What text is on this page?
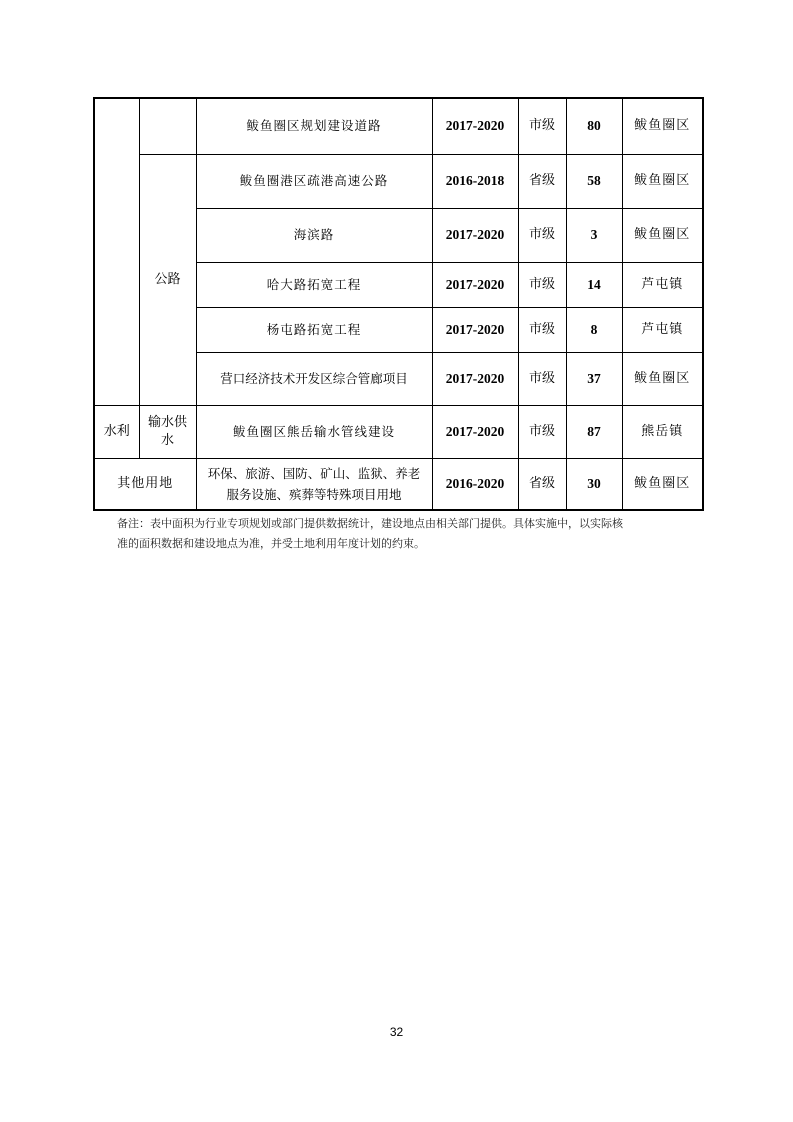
		鲅鱼圈区规划建设道路	2017-2020	市级	80	鲅鱼圈区
	公路	鲅鱼圈港区疏港高速公路	2016-2018	省级	58	鲅鱼圈区
		海滨路	2017-2020	市级	3	鲅鱼圈区
		哈大路拓宽工程	2017-2020	市级	14	芦屯镇
		杨屯路拓宽工程	2017-2020	市级	8	芦屯镇
		营口经济技术开发区综合管廊项目	2017-2020	市级	37	鲅鱼圈区
水利	输水供水	鲅鱼圈区熊岳输水管线建设	2017-2020	市级	87	熊岳镇
其他用地		环保、旅游、国防、矿山、监狱、养老服务设施、殡葬等特殊项目用地	2016-2020	省级	30	鲅鱼圈区
备注：表中面积为行业专项规划或部门提供数据统计，建设地点由相关部门提供。具体实施中，以实际核
准的面积数据和建设地点为准，并受土地利用年度计划的约束。
32
